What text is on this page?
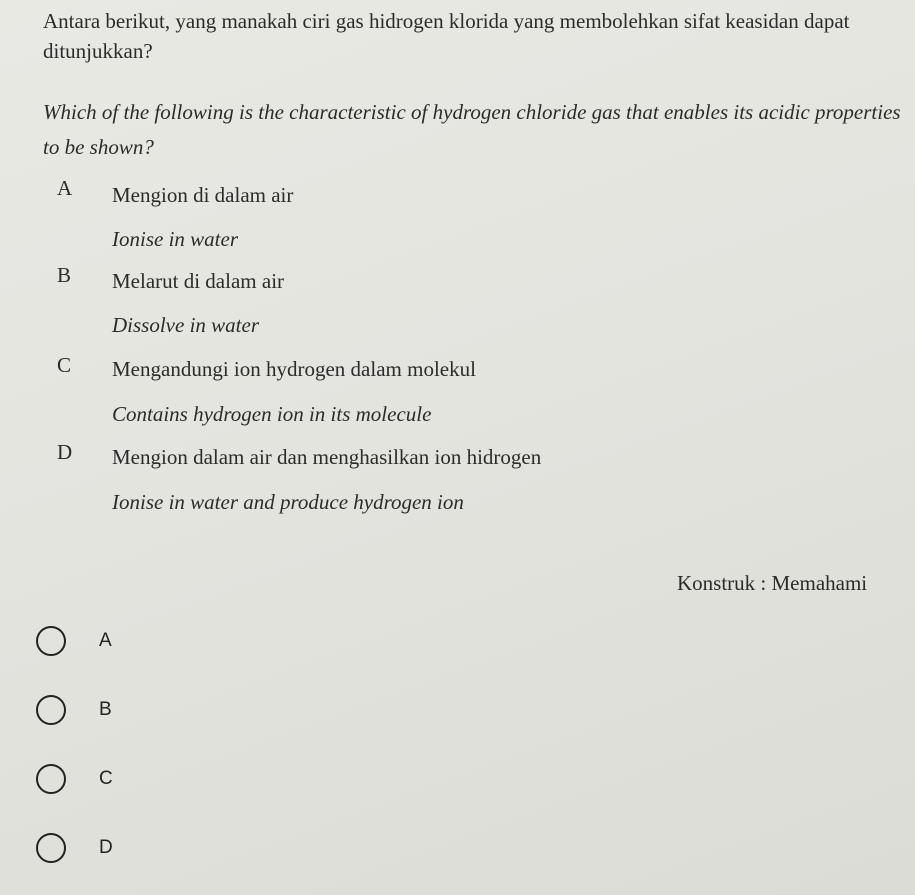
Antara berikut, yang manakah ciri gas hidrogen klorida yang membolehkan sifat keasidan dapat ditunjukkan?

Which of the following is the characteristic of hydrogen chloride gas that enables its acidic properties to be shown?

A Mengion di dalam air
Ionise in water
B Melarut di dalam air
Dissolve in water
C Mengandungi ion hydrogen dalam molekul
Contains hydrogen ion in its molecule
D Mengion dalam air dan menghasilkan ion hidrogen
Ionise in water and produce hydrogen ion
Konstruk : Memahami
A
B
C
D
